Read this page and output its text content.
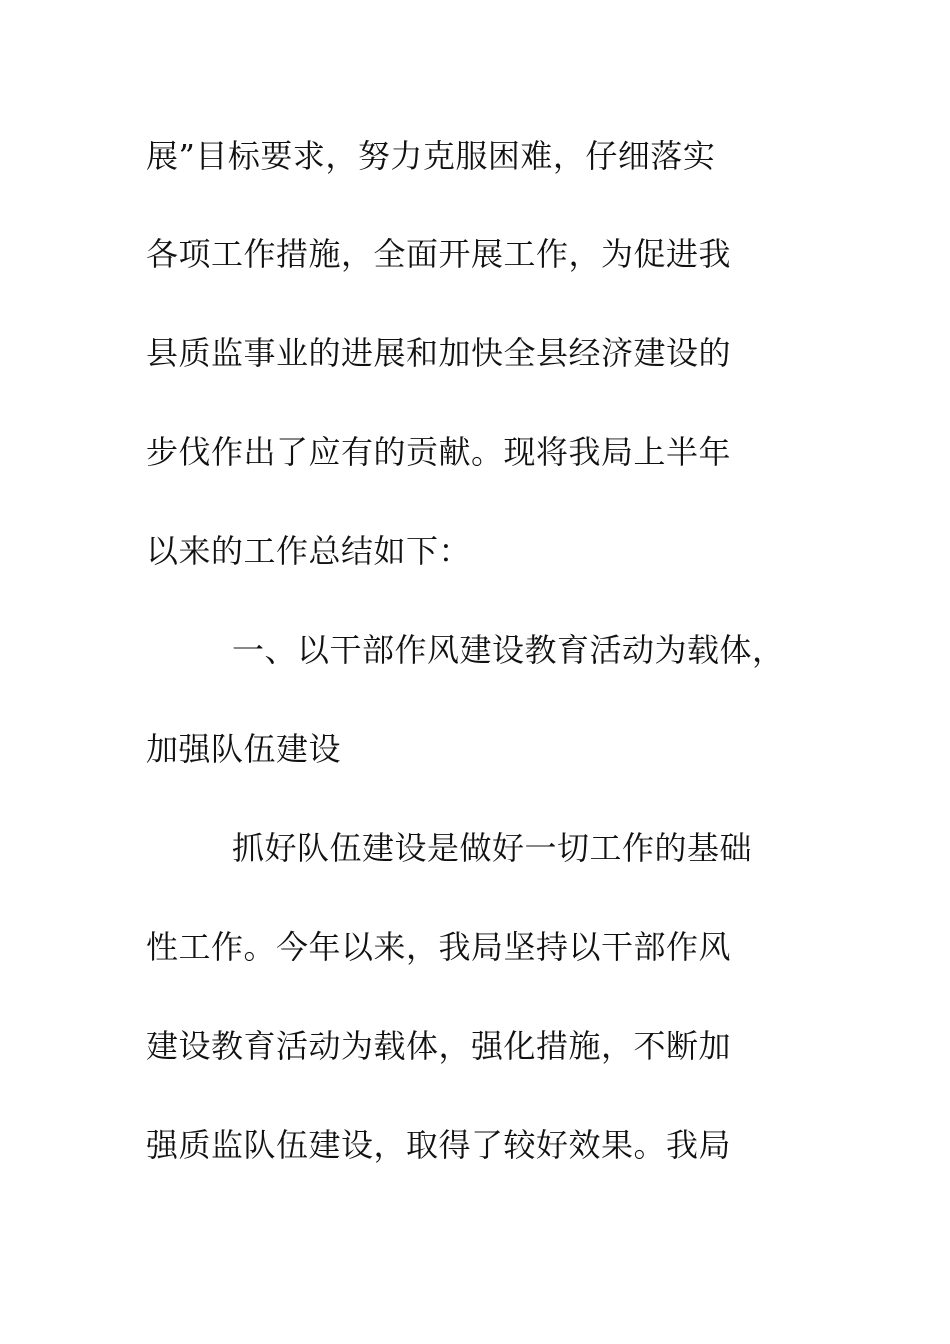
展”目标要求，努力克服困难，仔细落实

各项工作措施，全面开展工作，为促进我

县质监事业的进展和加快全县经济建设的

步伐作出了应有的贡献。现将我局上半年

以来的工作总结如下：

一、以干部作风建设教育活动为载体，

加强队伍建设

抓好队伍建设是做好一切工作的基础

性工作。今年以来，我局坚持以干部作风

建设教育活动为载体，强化措施，不断加

强质监队伍建设，取得了较好效果。我局
